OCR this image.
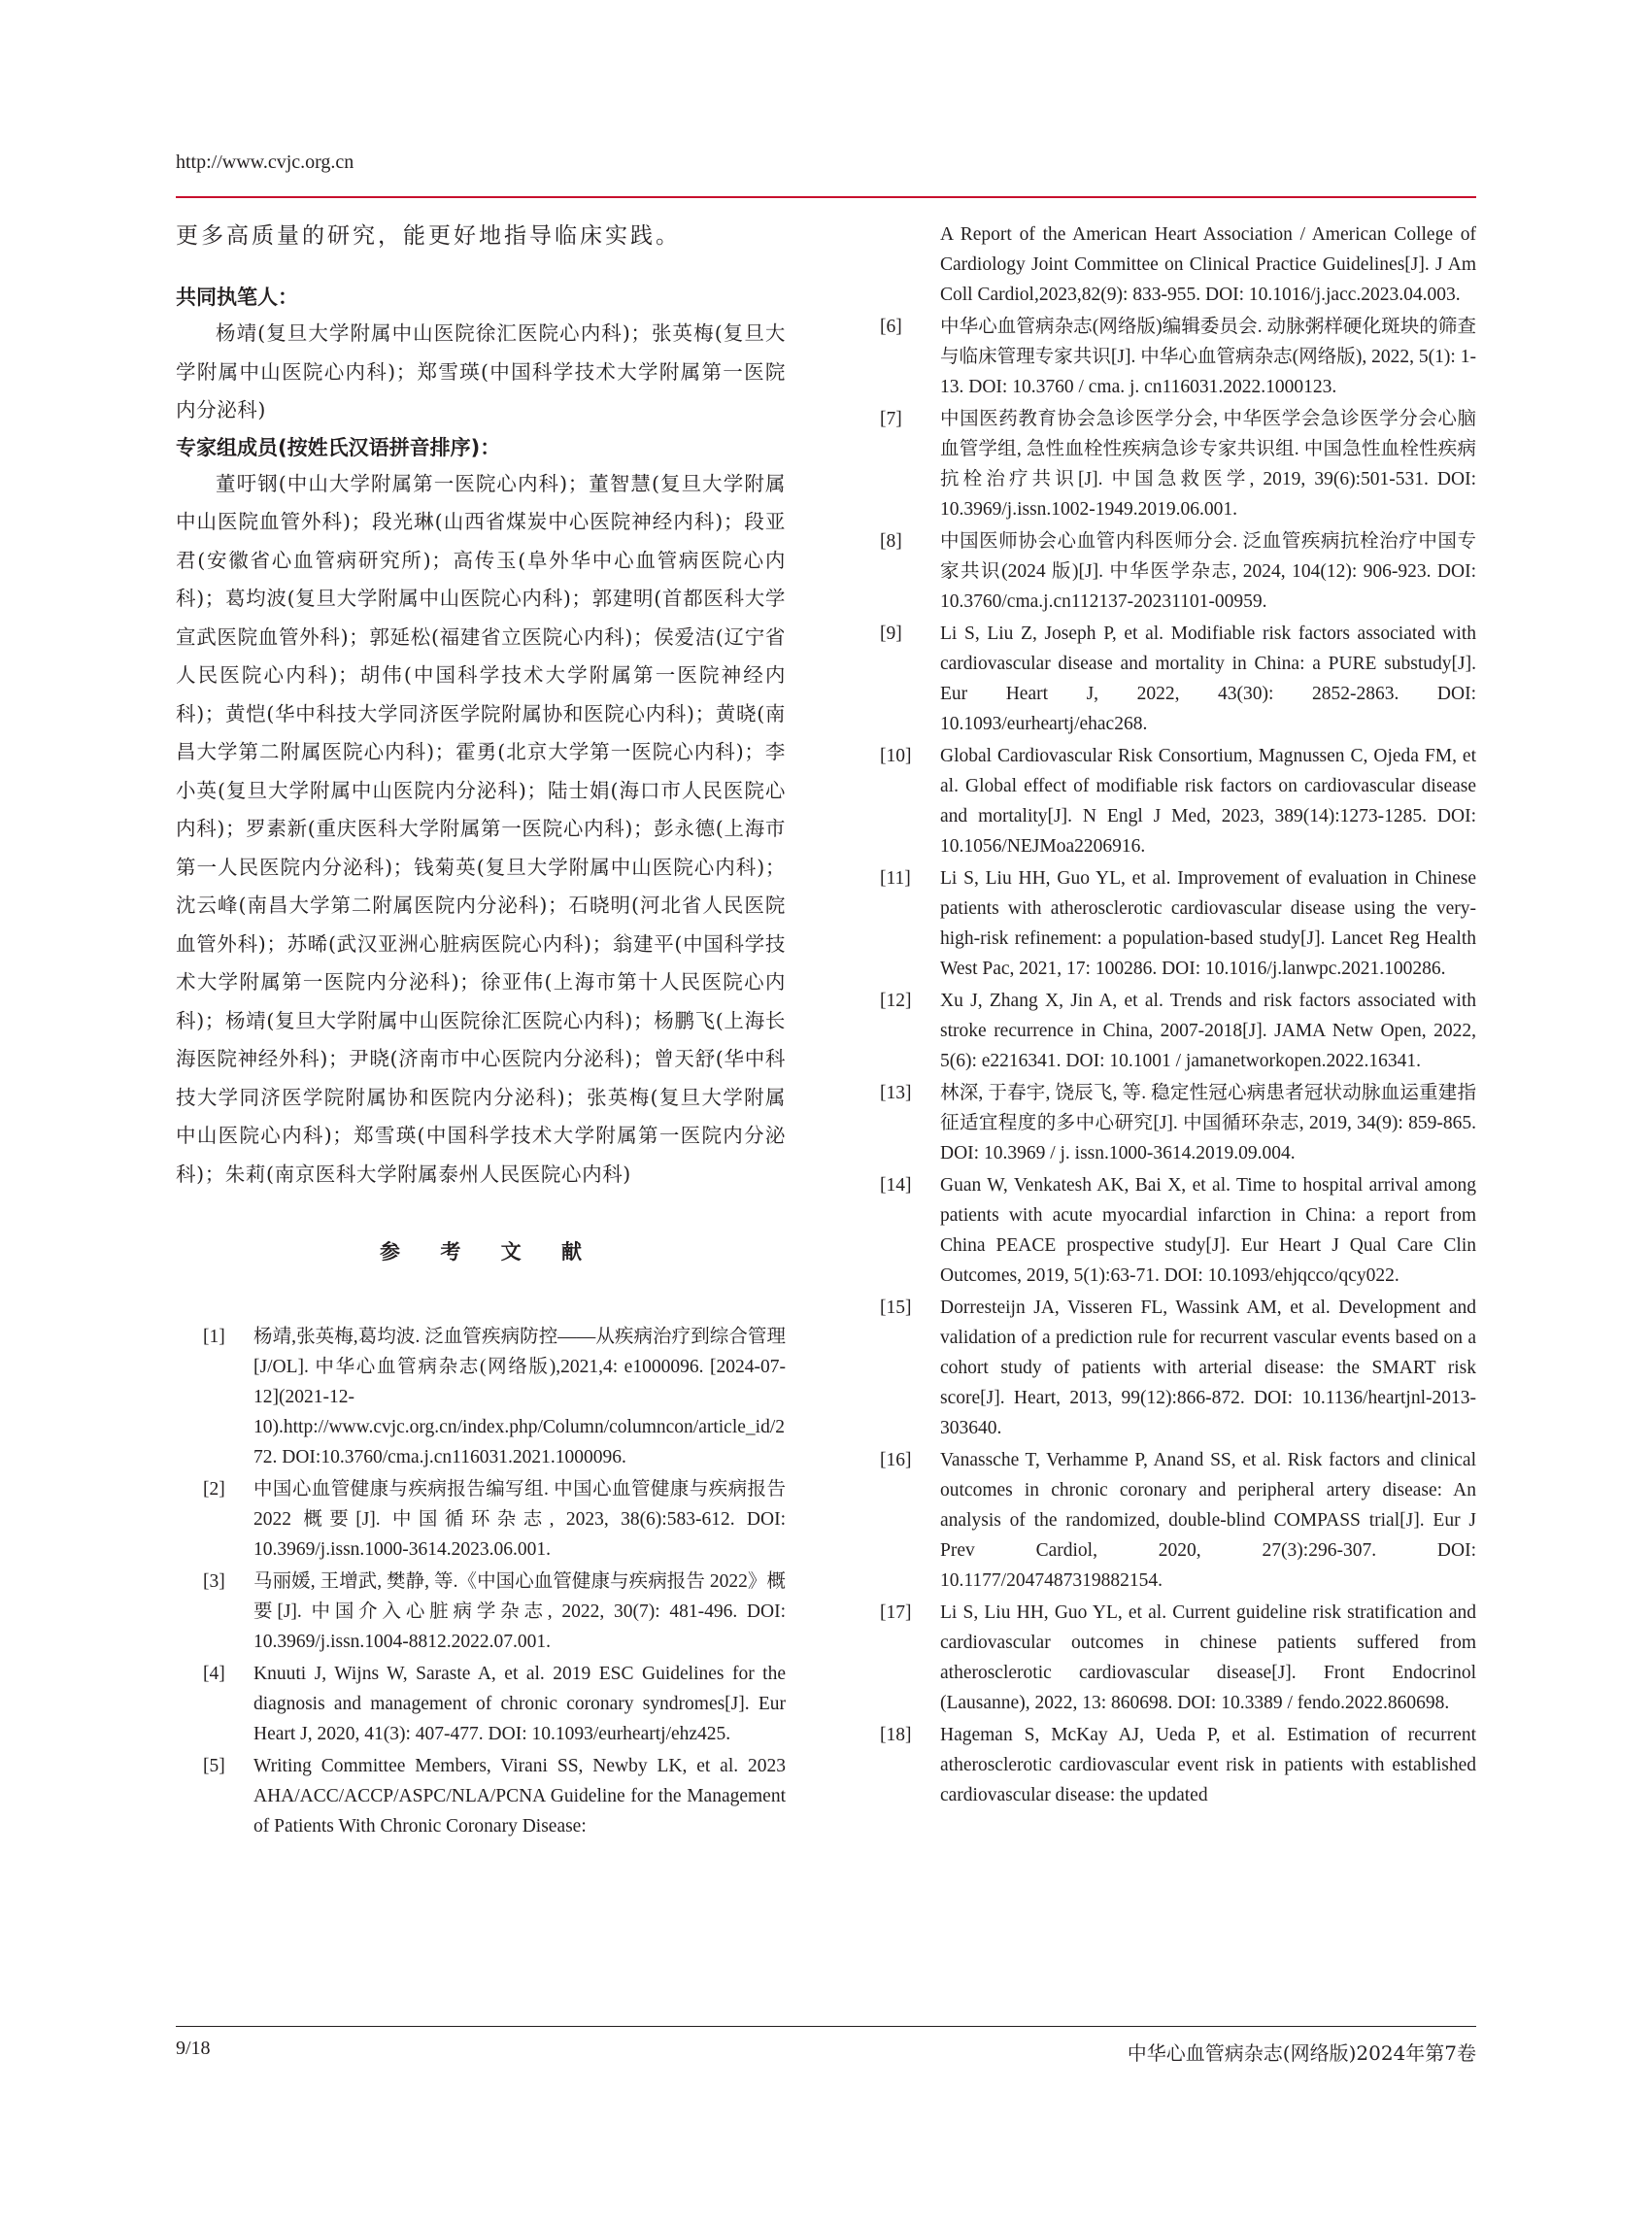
http://www.cvjc.org.cn

更多高质量的研究，能更好地指导临床实践。

共同执笔人：

杨靖(复旦大学附属中山医院徐汇医院心内科)；张英梅(复旦大学附属中山医院心内科)；郑雪瑛(中国科学技术大学附属第一医院内分泌科)

专家组成员(按姓氏汉语拼音排序)：

董吁钢(中山大学附属第一医院心内科)；董智慧(复旦大学附属中山医院血管外科)；段光琳(山西省煤炭中心医院神经内科)；段亚君(安徽省心血管病研究所)；高传玉(阜外华中心血管病医院心内科)；葛均波(复旦大学附属中山医院心内科)；郭建明(首都医科大学宣武医院血管外科)；郭延松(福建省立医院心内科)；侯爱洁(辽宁省人民医院心内科)；胡伟(中国科学技术大学附属第一医院神经内科)；黄恺(华中科技大学同济医学院附属协和医院心内科)；黄晓(南昌大学第二附属医院心内科)；霍勇(北京大学第一医院心内科)；李小英(复旦大学附属中山医院内分泌科)；陆士娟(海口市人民医院心内科)；罗素新(重庆医科大学附属第一医院心内科)；彭永德(上海市第一人民医院内分泌科)；钱菊英(复旦大学附属中山医院心内科)；沈云峰(南昌大学第二附属医院内分泌科)；石晓明(河北省人民医院血管外科)；苏晞(武汉亚洲心脏病医院心内科)；翁建平(中国科学技术大学附属第一医院内分泌科)；徐亚伟(上海市第十人民医院心内科)；杨靖(复旦大学附属中山医院徐汇医院心内科)；杨鹏飞(上海长海医院神经外科)；尹晓(济南市中心医院内分泌科)；曾天舒(华中科技大学同济医学院附属协和医院内分泌科)；张英梅(复旦大学附属中山医院心内科)；郑雪瑛(中国科学技术大学附属第一医院内分泌科)；朱莉(南京医科大学附属泰州人民医院心内科)

参 考 文 献
[1]	杨靖,张英梅,葛均波. 泛血管疾病防控——从疾病治疗到综合管理[J/OL]. 中华心血管病杂志(网络版),2021,4: e1000096. [2024-07-12](2021-12-10).http://www.cvjc.org.cn/index.php/Column/columncon/article_id/272. DOI:10.3760/cma.j.cn116031.2021.1000096.
[2]	中国心血管健康与疾病报告编写组. 中国心血管健康与疾病报告 2022 概要[J]. 中国循环杂志, 2023, 38(6):583-612. DOI: 10.3969/j.issn.1000-3614.2023.06.001.
[3]	马丽媛, 王增武, 樊静, 等.《中国心血管健康与疾病报告 2022》概要[J]. 中国介入心脏病学杂志, 2022, 30(7): 481-496. DOI: 10.3969/j.issn.1004-8812.2022.07.001.
[4]	Knuuti J, Wijns W, Saraste A, et al. 2019 ESC Guidelines for the diagnosis and management of chronic coronary syndromes[J]. Eur Heart J, 2020, 41(3): 407-477. DOI: 10.1093/eurheartj/ehz425.
[5]	Writing Committee Members, Virani SS, Newby LK, et al. 2023 AHA/ACC/ACCP/ASPC/NLA/PCNA Guideline for the Management of Patients With Chronic Coronary Disease:

A Report of the American Heart Association / American College of Cardiology Joint Committee on Clinical Practice Guidelines[J]. J Am Coll Cardiol,2023,82(9): 833-955. DOI: 10.1016/j.jacc.2023.04.003.

[6]	中华心血管病杂志(网络版)编辑委员会. 动脉粥样硬化斑块的筛查与临床管理专家共识[J]. 中华心血管病杂志(网络版), 2022, 5(1): 1-13. DOI: 10.3760 / cma. j. cn116031.2022.1000123.
[7]	中国医药教育协会急诊医学分会, 中华医学会急诊医学分会心脑血管学组, 急性血栓性疾病急诊专家共识组. 中国急性血栓性疾病抗栓治疗共识[J]. 中国急救医学, 2019, 39(6):501-531. DOI: 10.3969/j.issn.1002-1949.2019.06.001.
[8]	中国医师协会心血管内科医师分会. 泛血管疾病抗栓治疗中国专家共识(2024 版)[J]. 中华医学杂志, 2024, 104(12): 906-923. DOI: 10.3760/cma.j.cn112137-20231101-00959.
[9]	Li S, Liu Z, Joseph P, et al. Modifiable risk factors associated with cardiovascular disease and mortality in China: a PURE substudy[J]. Eur Heart J, 2022, 43(30): 2852-2863. DOI: 10.1093/eurheartj/ehac268.
[10]	Global Cardiovascular Risk Consortium, Magnussen C, Ojeda FM, et al. Global effect of modifiable risk factors on cardiovascular disease and mortality[J]. N Engl J Med, 2023, 389(14):1273-1285. DOI: 10.1056/NEJMoa2206916.
[11]	Li S, Liu HH, Guo YL, et al. Improvement of evaluation in Chinese patients with atherosclerotic cardiovascular disease using the very-high-risk refinement: a population-based study[J]. Lancet Reg Health West Pac, 2021, 17: 100286. DOI: 10.1016/j.lanwpc.2021.100286.
[12]	Xu J, Zhang X, Jin A, et al. Trends and risk factors associated with stroke recurrence in China, 2007-2018[J]. JAMA Netw Open, 2022, 5(6): e2216341. DOI: 10.1001 / jamanetworkopen.2022.16341.
[13]	林深, 于春宇, 饶辰飞, 等. 稳定性冠心病患者冠状动脉血运重建指征适宜程度的多中心研究[J]. 中国循环杂志, 2019, 34(9): 859-865. DOI: 10.3969 / j. issn.1000-3614.2019.09.004.
[14]	Guan W, Venkatesh AK, Bai X, et al. Time to hospital arrival among patients with acute myocardial infarction in China: a report from China PEACE prospective study[J]. Eur Heart J Qual Care Clin Outcomes, 2019, 5(1):63-71. DOI: 10.1093/ehjqcco/qcy022.
[15]	Dorresteijn JA, Visseren FL, Wassink AM, et al. Development and validation of a prediction rule for recurrent vascular events based on a cohort study of patients with arterial disease: the SMART risk score[J]. Heart, 2013, 99(12):866-872. DOI: 10.1136/heartjnl-2013-303640.
[16]	Vanassche T, Verhamme P, Anand SS, et al. Risk factors and clinical outcomes in chronic coronary and peripheral artery disease: An analysis of the randomized, double-blind COMPASS trial[J]. Eur J Prev Cardiol, 2020, 27(3):296-307. DOI: 10.1177/2047487319882154.
[17]	Li S, Liu HH, Guo YL, et al. Current guideline risk stratification and cardiovascular outcomes in chinese patients suffered from atherosclerotic cardiovascular disease[J]. Front Endocrinol (Lausanne), 2022, 13: 860698. DOI: 10.3389 / fendo.2022.860698.
[18]	Hageman S, McKay AJ, Ueda P, et al. Estimation of recurrent atherosclerotic cardiovascular event risk in patients with established cardiovascular disease: the updated
9/18	中华心血管病杂志(网络版)2024年第7卷
